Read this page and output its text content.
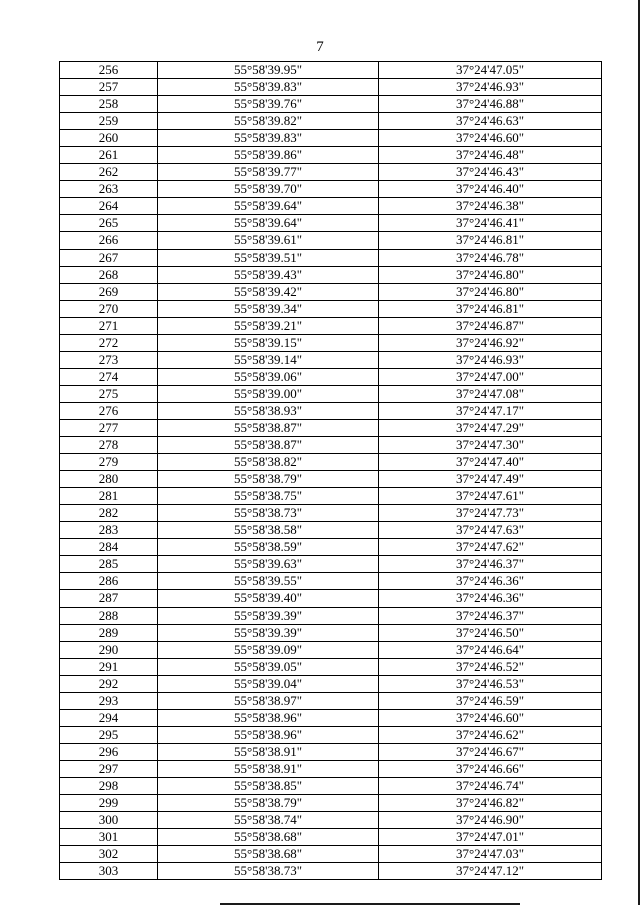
7
256	55°58'39.95"	37°24'47.05"
257	55°58'39.83"	37°24'46.93"
258	55°58'39.76"	37°24'46.88"
259	55°58'39.82"	37°24'46.63"
260	55°58'39.83"	37°24'46.60"
261	55°58'39.86"	37°24'46.48"
262	55°58'39.77"	37°24'46.43"
263	55°58'39.70"	37°24'46.40"
264	55°58'39.64"	37°24'46.38"
265	55°58'39.64"	37°24'46.41"
266	55°58'39.61"	37°24'46.81"
267	55°58'39.51"	37°24'46.78"
268	55°58'39.43"	37°24'46.80"
269	55°58'39.42"	37°24'46.80"
270	55°58'39.34"	37°24'46.81"
271	55°58'39.21"	37°24'46.87"
272	55°58'39.15"	37°24'46.92"
273	55°58'39.14"	37°24'46.93"
274	55°58'39.06"	37°24'47.00"
275	55°58'39.00"	37°24'47.08"
276	55°58'38.93"	37°24'47.17"
277	55°58'38.87"	37°24'47.29"
278	55°58'38.87"	37°24'47.30"
279	55°58'38.82"	37°24'47.40"
280	55°58'38.79"	37°24'47.49"
281	55°58'38.75"	37°24'47.61"
282	55°58'38.73"	37°24'47.73"
283	55°58'38.58"	37°24'47.63"
284	55°58'38.59"	37°24'47.62"
285	55°58'39.63"	37°24'46.37"
286	55°58'39.55"	37°24'46.36"
287	55°58'39.40"	37°24'46.36"
288	55°58'39.39"	37°24'46.37"
289	55°58'39.39"	37°24'46.50"
290	55°58'39.09"	37°24'46.64"
291	55°58'39.05"	37°24'46.52"
292	55°58'39.04"	37°24'46.53"
293	55°58'38.97"	37°24'46.59"
294	55°58'38.96"	37°24'46.60"
295	55°58'38.96"	37°24'46.62"
296	55°58'38.91"	37°24'46.67"
297	55°58'38.91"	37°24'46.66"
298	55°58'38.85"	37°24'46.74"
299	55°58'38.79"	37°24'46.82"
300	55°58'38.74"	37°24'46.90"
301	55°58'38.68"	37°24'47.01"
302	55°58'38.68"	37°24'47.03"
303	55°58'38.73"	37°24'47.12"
